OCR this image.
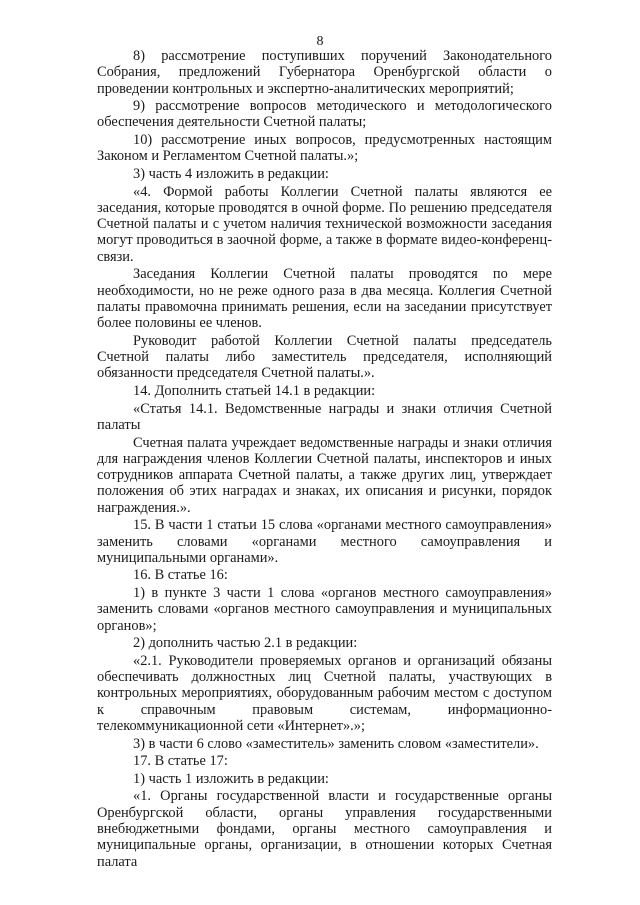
8

8) рассмотрение поступивших поручений Законодательного Собрания, предложений Губернатора Оренбургской области о проведении контрольных и экспертно-аналитических мероприятий;

9) рассмотрение вопросов методического и методологического обеспечения деятельности Счетной палаты;

10) рассмотрение иных вопросов, предусмотренных настоящим Законом и Регламентом Счетной палаты.»;

3) часть 4 изложить в редакции:

«4. Формой работы Коллегии Счетной палаты являются ее заседания, которые проводятся в очной форме. По решению председателя Счетной палаты и с учетом наличия технической возможности заседания могут проводиться в заочной форме, а также в формате видео-конференц-связи.

Заседания Коллегии Счетной палаты проводятся по мере необходимости, но не реже одного раза в два месяца. Коллегия Счетной палаты правомочна принимать решения, если на заседании присутствует более половины ее членов.

Руководит работой Коллегии Счетной палаты председатель Счетной палаты либо заместитель председателя, исполняющий обязанности председателя Счетной палаты.».

14. Дополнить статьей 14.1 в редакции:

«Статья 14.1. Ведомственные награды и знаки отличия Счетной палаты

Счетная палата учреждает ведомственные награды и знаки отличия для награждения членов Коллегии Счетной палаты, инспекторов и иных сотрудников аппарата Счетной палаты, а также других лиц, утверждает положения об этих наградах и знаках, их описания и рисунки, порядок награждения.».

15. В части 1 статьи 15 слова «органами местного самоуправления» заменить словами «органами местного самоуправления и муниципальными органами».

16. В статье 16:

1) в пункте 3 части 1 слова «органов местного самоуправления» заменить словами «органов местного самоуправления и муниципальных органов»;

2) дополнить частью 2.1 в редакции:

«2.1. Руководители проверяемых органов и организаций обязаны обеспечивать должностных лиц Счетной палаты, участвующих в контрольных мероприятиях, оборудованным рабочим местом с доступом к справочным правовым системам, информационно-телекоммуникационной сети «Интернет».»;

3) в части 6 слово «заместитель» заменить словом «заместители».

17. В статье 17:

1) часть 1 изложить в редакции:

«1. Органы государственной власти и государственные органы Оренбургской области, органы управления государственными внебюджетными фондами, органы местного самоуправления и муниципальные органы, организации, в отношении которых Счетная палата
